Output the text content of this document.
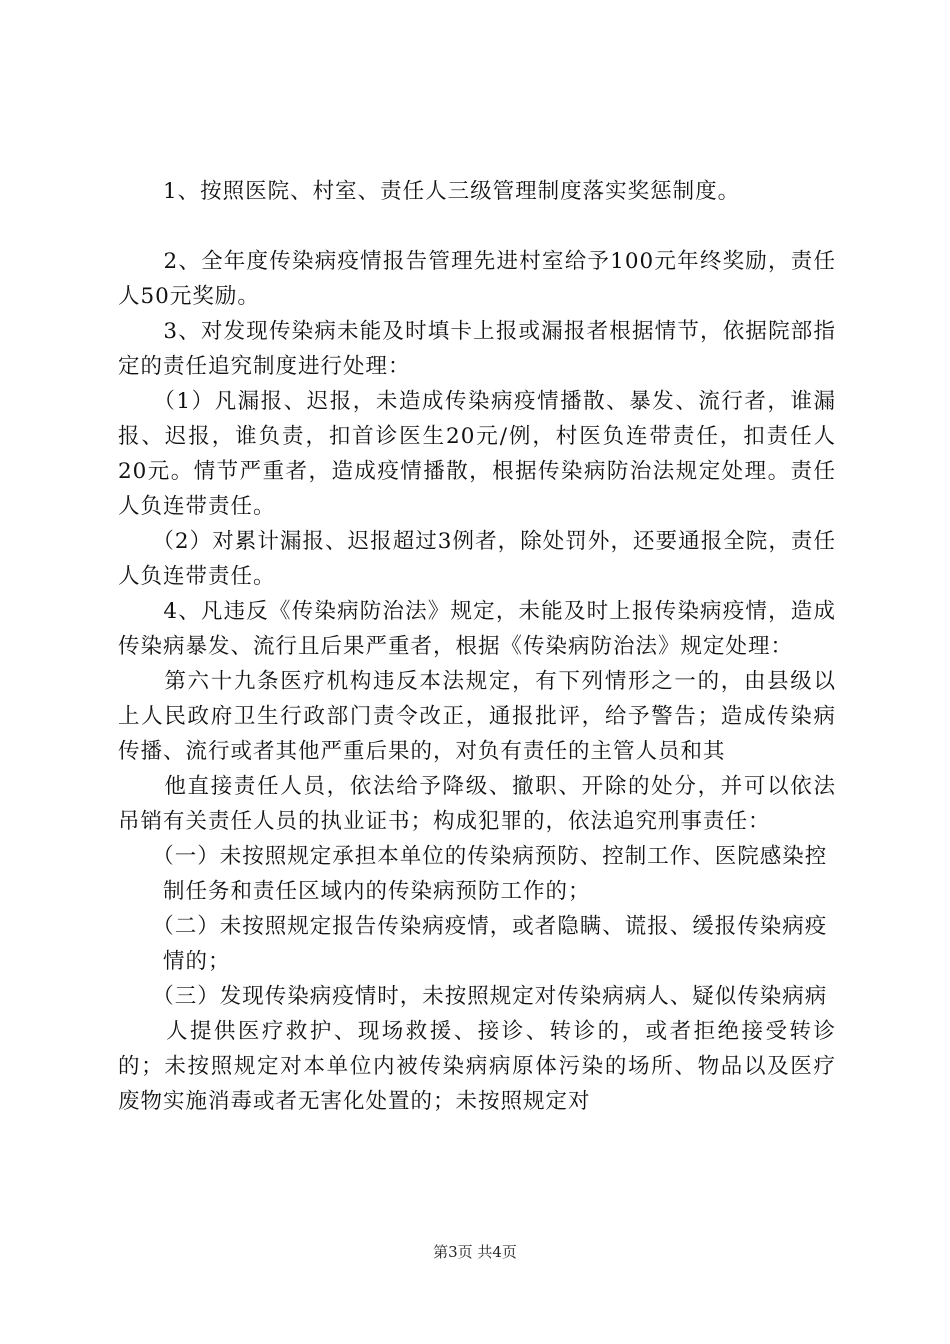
　　1、按照医院、村室、责任人三级管理制度落实奖惩制度。

　　2、全年度传染病疫情报告管理先进村室给予100元年终奖励，责任人50元奖励。

　　3、对发现传染病未能及时填卡上报或漏报者根据情节，依据院部指定的责任追究制度进行处理：

　　（1）凡漏报、迟报，未造成传染病疫情播散、暴发、流行者，谁漏报、迟报，谁负责，扣首诊医生20元/例，村医负连带责任，扣责任人20元。情节严重者，造成疫情播散，根据传染病防治法规定处理。责任人负连带责任。

　　（2）对累计漏报、迟报超过3例者，除处罚外，还要通报全院，责任人负连带责任。

　　4、凡违反《传染病防治法》规定，未能及时上报传染病疫情，造成传染病暴发、流行且后果严重者，根据《传染病防治法》规定处理：

　　第六十九条医疗机构违反本法规定，有下列情形之一的，由县级以上人民政府卫生行政部门责令改正，通报批评，给予警告；造成传染病传播、流行或者其他严重后果的，对负有责任的主管人员和其

　　他直接责任人员，依法给予降级、撤职、开除的处分，并可以依法吊销有关责任人员的执业证书；构成犯罪的，依法追究刑事责任：

　　（一）未按照规定承担本单位的传染病预防、控制工作、医院感染控

　　制任务和责任区域内的传染病预防工作的；

　　（二）未按照规定报告传染病疫情，或者隐瞒、谎报、缓报传染病疫

　　情的；

　　（三）发现传染病疫情时，未按照规定对传染病病人、疑似传染病病

　　人提供医疗救护、现场救援、接诊、转诊的，或者拒绝接受转诊的；未按照规定对本单位内被传染病病原体污染的场所、物品以及医疗废物实施消毒或者无害化处置的；未按照规定对

第3页 共4页
